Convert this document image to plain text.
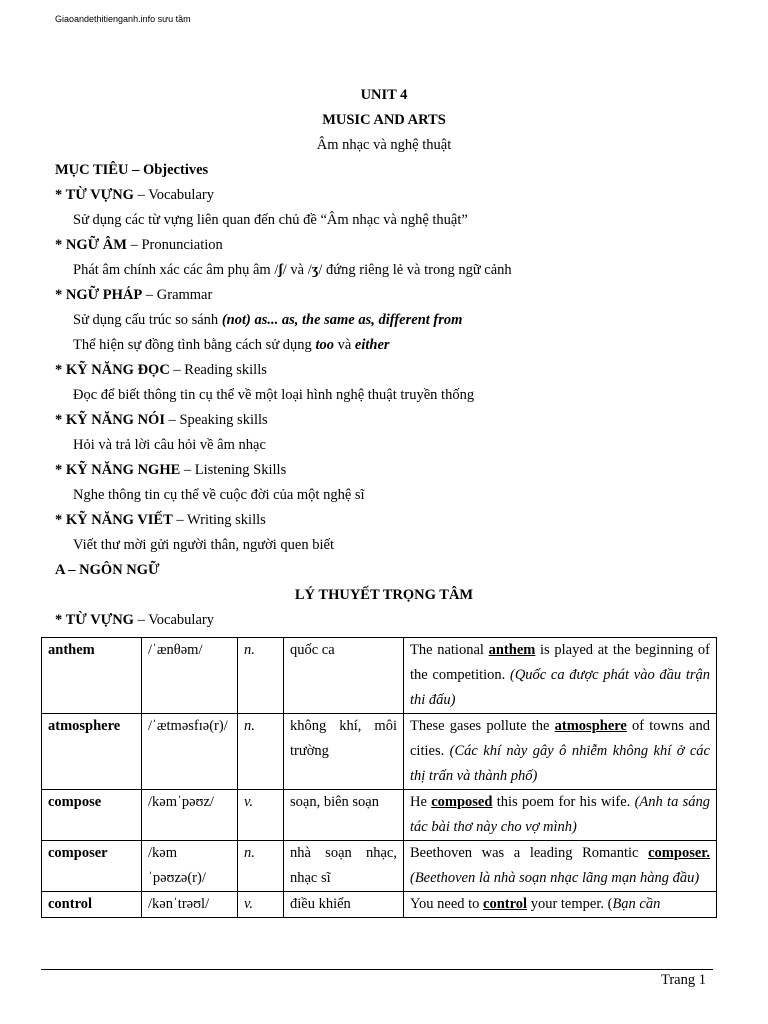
Giaoandethitienganh.info sưu tầm
UNIT 4
MUSIC AND ARTS
Âm nhạc và nghệ thuật
MỤC TIÊU – Objectives
* TỪ VỰNG – Vocabulary
Sử dụng các từ vựng liên quan đến chủ đề “Âm nhạc và nghệ thuật”
* NGỮ ÂM – Pronunciation
Phát âm chính xác các âm phụ âm /ʃ/ và /ʒ/ đứng riêng lẻ và trong ngữ cảnh
* NGỮ PHÁP – Grammar
Sử dụng cấu trúc so sánh (not) as... as, the same as, different from
Thể hiện sự đồng tình bằng cách sử dụng too và either
* KỸ NĂNG ĐỌC – Reading skills
Đọc để biết thông tin cụ thể về một loại hình nghệ thuật truyền thống
* KỸ NĂNG NÓI – Speaking skills
Hỏi và trả lời câu hỏi về âm nhạc
* KỸ NĂNG NGHE – Listening Skills
Nghe thông tin cụ thể về cuộc đời của một nghệ sĩ
* KỸ NĂNG VIẾT – Writing skills
Viết thư mời gửi người thân, người quen biết
A – NGÔN NGỮ
LÝ THUYẾT TRỌNG TÂM
* TỪ VỰNG – Vocabulary
anthem	/ˈænθəm/	n.	quốc ca	The national anthem is played at the beginning of the competition. (Quốc ca được phát vào đầu trận thi đấu)
atmosphere	/ˈætməsfɪə(r)/	n.	không khí, môi trường	These gases pollute the atmosphere of towns and cities. (Các khí này gây ô nhiễm không khí ở các thị trấn và thành phố)
compose	/kəmˈpəʊz/	v.	soạn, biên soạn	He composed this poem for his wife. (Anh ta sáng tác bài thơ này cho vợ mình)
composer	/kəm ˈpəʊzə(r)/	n.	nhà soạn nhạc, nhạc sĩ	Beethoven was a leading Romantic composer. (Beethoven là nhà soạn nhạc lãng mạn hàng đầu)
control	/kənˈtrəʊl/	v.	điều khiển	You need to control your temper. (Bạn cần
Trang 1
